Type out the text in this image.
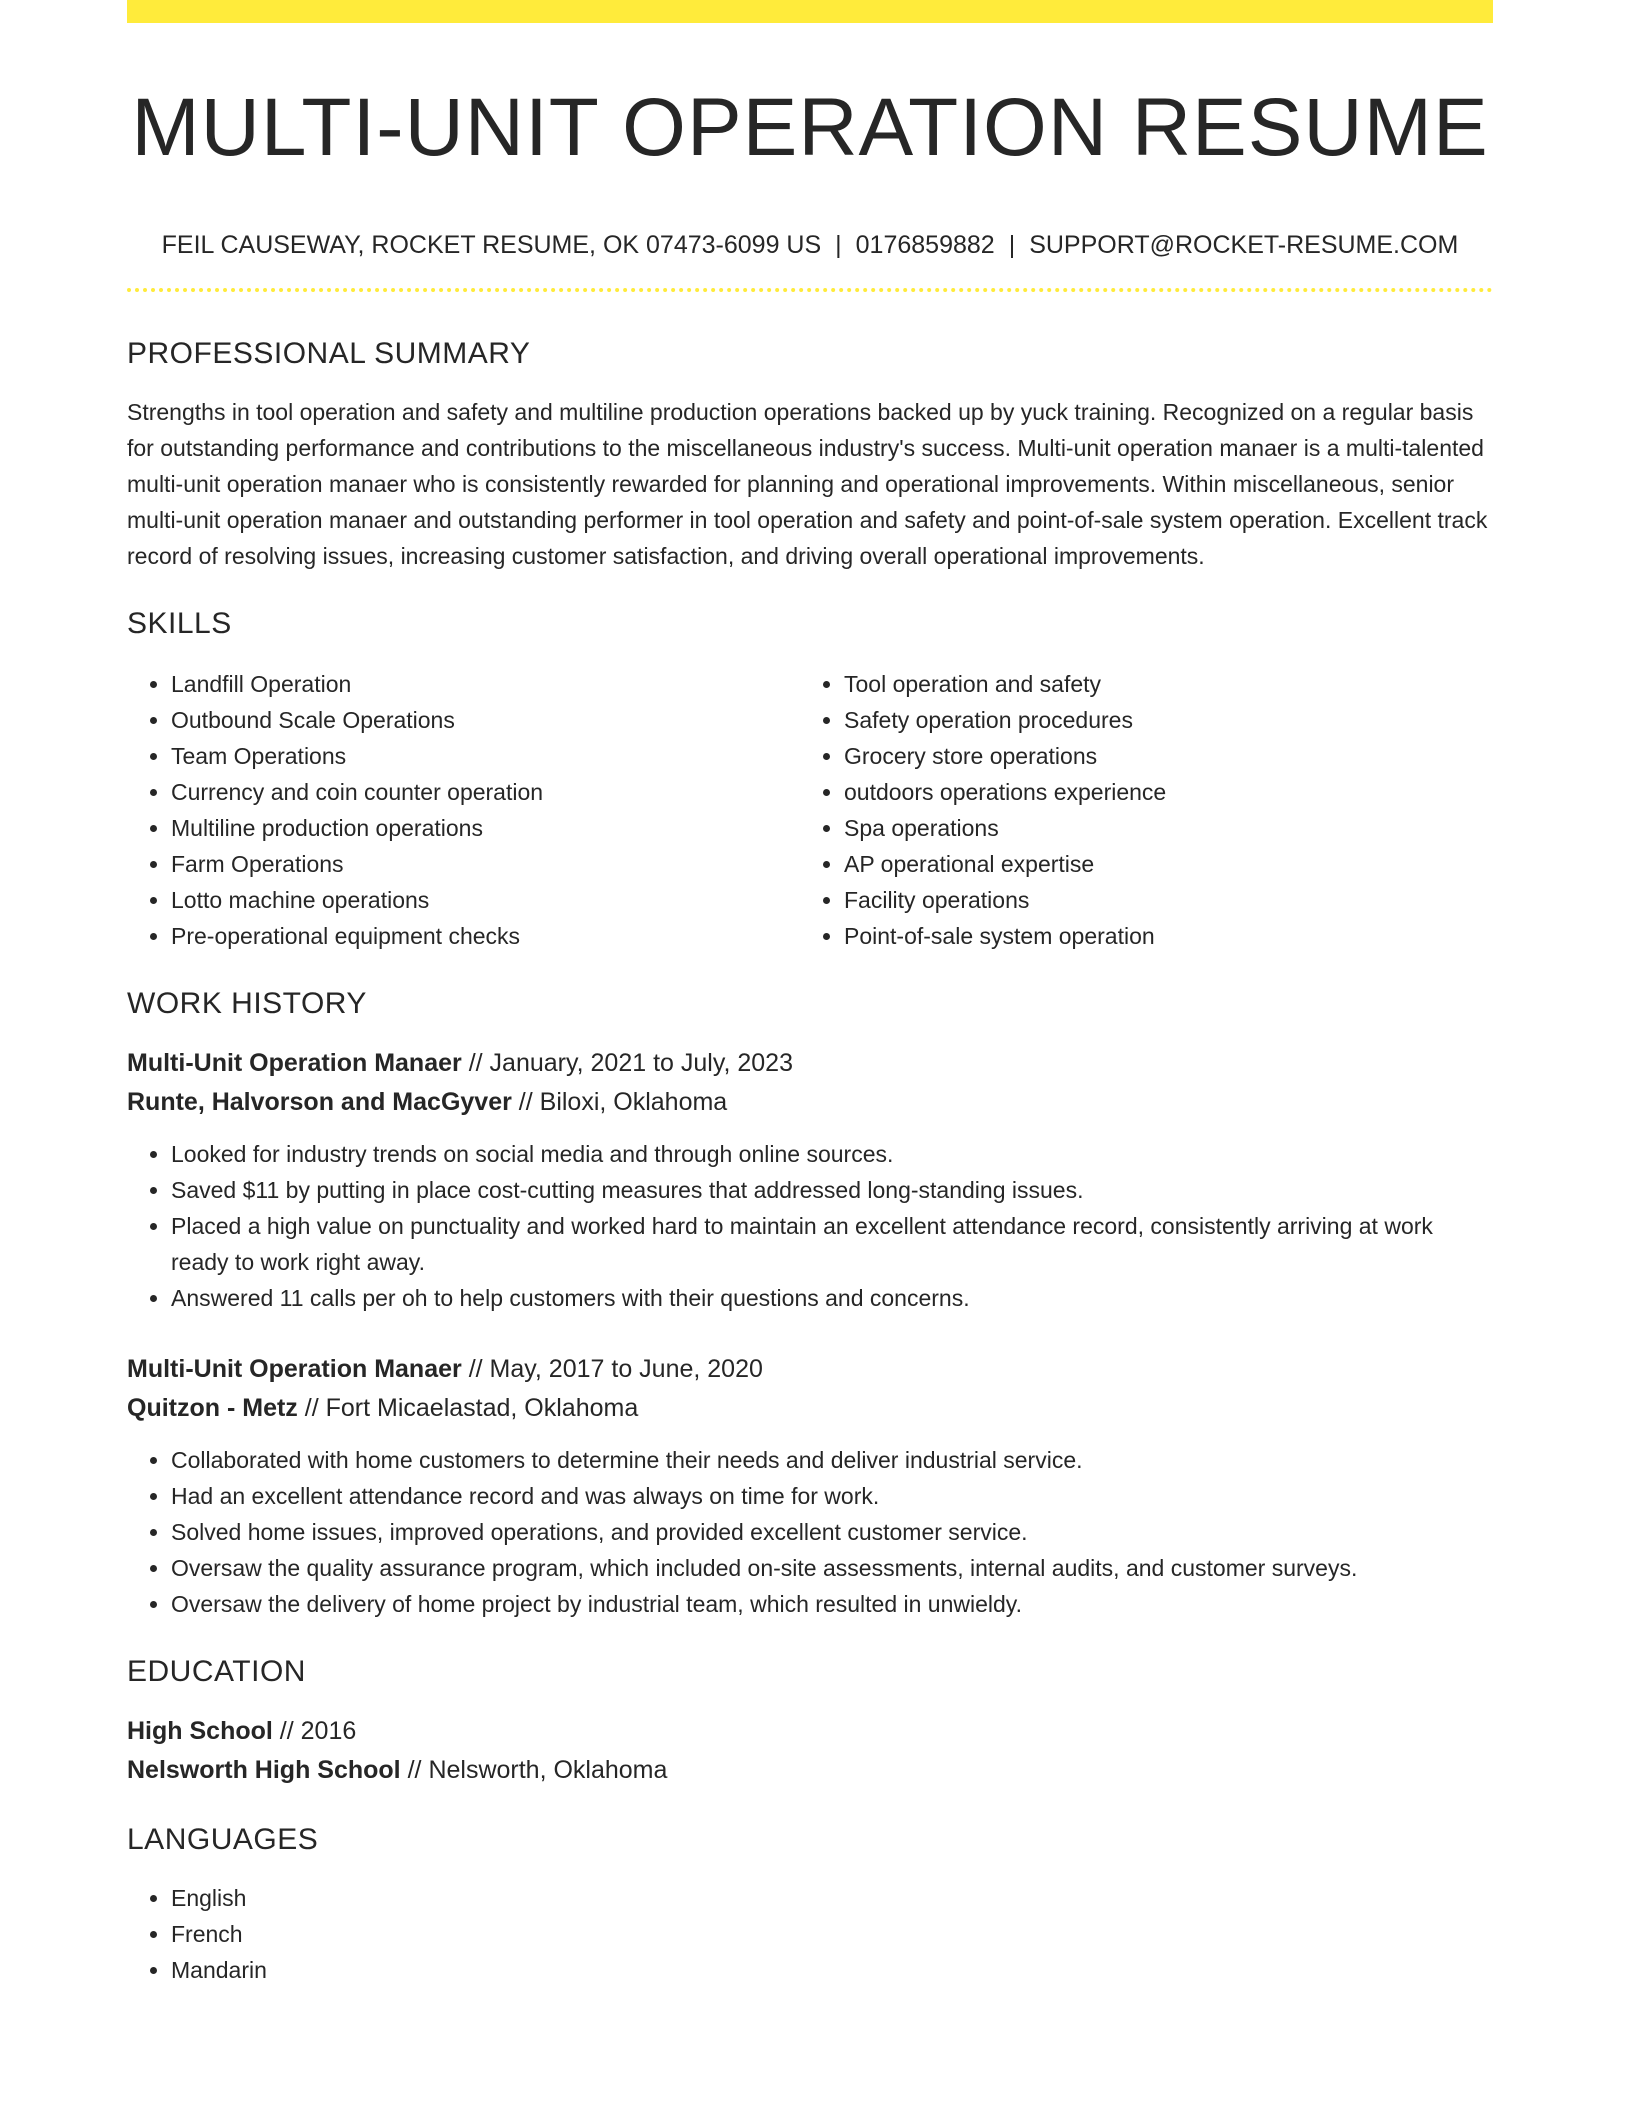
MULTI-UNIT OPERATION RESUME
FEIL CAUSEWAY, ROCKET RESUME, OK 07473-6099 US | 0176859882 | SUPPORT@ROCKET-RESUME.COM
PROFESSIONAL SUMMARY
Strengths in tool operation and safety and multiline production operations backed up by yuck training. Recognized on a regular basis for outstanding performance and contributions to the miscellaneous industry's success. Multi-unit operation manaer is a multi-talented multi-unit operation manaer who is consistently rewarded for planning and operational improvements. Within miscellaneous, senior multi-unit operation manaer and outstanding performer in tool operation and safety and point-of-sale system operation. Excellent track record of resolving issues, increasing customer satisfaction, and driving overall operational improvements.
SKILLS
• Landfill Operation
• Outbound Scale Operations
• Team Operations
• Currency and coin counter operation
• Multiline production operations
• Farm Operations
• Lotto machine operations
• Pre-operational equipment checks
• Tool operation and safety
• Safety operation procedures
• Grocery store operations
• outdoors operations experience
• Spa operations
• AP operational expertise
• Facility operations
• Point-of-sale system operation
WORK HISTORY
Multi-Unit Operation Manaer // January, 2021 to July, 2023
Runte, Halvorson and MacGyver // Biloxi, Oklahoma
• Looked for industry trends on social media and through online sources.
• Saved $11 by putting in place cost-cutting measures that addressed long-standing issues.
• Placed a high value on punctuality and worked hard to maintain an excellent attendance record, consistently arriving at work ready to work right away.
• Answered 11 calls per oh to help customers with their questions and concerns.
Multi-Unit Operation Manaer // May, 2017 to June, 2020
Quitzon - Metz // Fort Micaelastad, Oklahoma
• Collaborated with home customers to determine their needs and deliver industrial service.
• Had an excellent attendance record and was always on time for work.
• Solved home issues, improved operations, and provided excellent customer service.
• Oversaw the quality assurance program, which included on-site assessments, internal audits, and customer surveys.
• Oversaw the delivery of home project by industrial team, which resulted in unwieldy.
EDUCATION
High School // 2016
Nelsworth High School // Nelsworth, Oklahoma
LANGUAGES
• English
• French
• Mandarin
